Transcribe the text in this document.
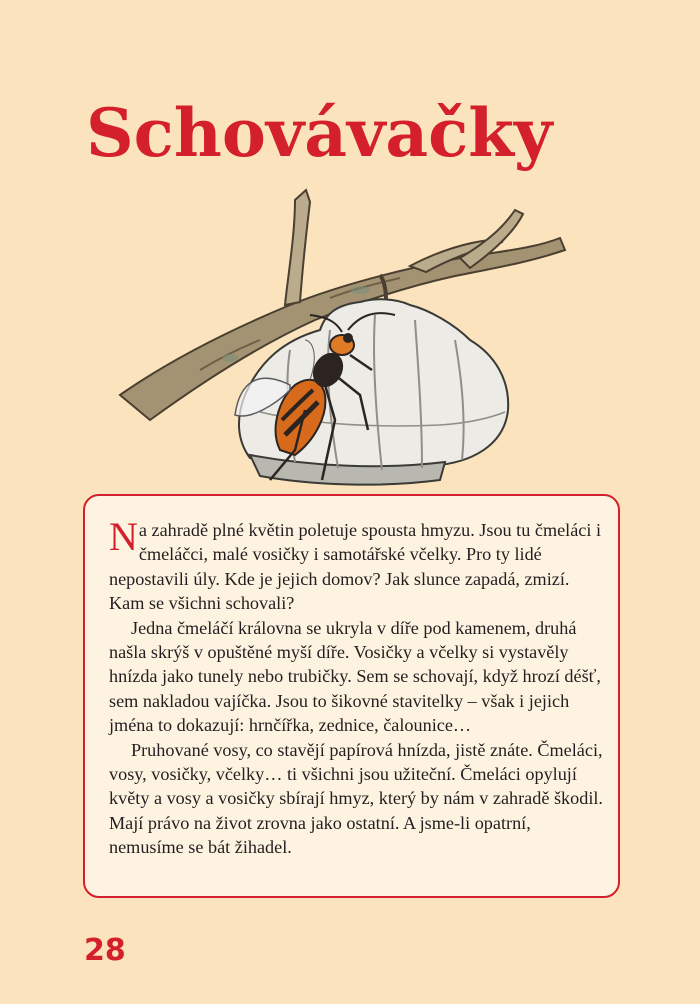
Schovávačky

Na zahradě plné květin poletuje spousta hmyzu. Jsou tu čmeláci i čmeláčci, malé vosičky i samotářské včelky. Pro ty lidé nepostavili úly. Kde je jejich domov? Jak slunce zapadá, zmizí. Kam se všichni schovali?

Jedna čmeláčí královna se ukryla v díře pod kamenem, druhá našla skrýš v opuštěné myší díře. Vosičky a včelky si vystavěly hnízda jako tunely nebo trubičky. Sem se schovají, když hrozí déšť, sem nakladou vajíčka. Jsou to šikovné stavitelky – však i jejich jména to dokazují: hrnčířka, zednice, čalounice…

Pruhované vosy, co stavějí papírová hnízda, jistě znáte. Čmeláci, vosy, vosičky, včelky… ti všichni jsou užiteční. Čmeláci opylují květy a vosy a vosičky sbírají hmyz, který by nám v zahradě škodil. Mají právo na život zrovna jako ostatní. A jsme-li opatrní, nemusíme se bát žihadel.

28
